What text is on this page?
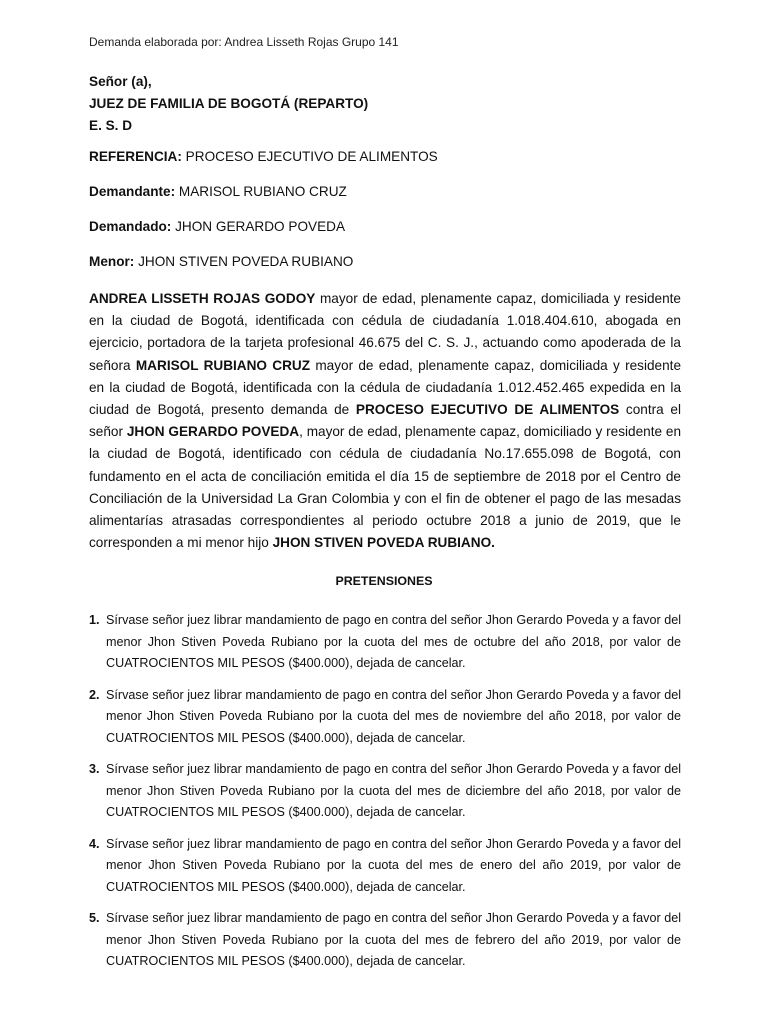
Demanda elaborada por: Andrea Lisseth Rojas Grupo 141
Señor (a),
JUEZ DE FAMILIA DE BOGOTÁ (REPARTO)
E. S. D
REFERENCIA: PROCESO EJECUTIVO DE ALIMENTOS
Demandante: MARISOL RUBIANO CRUZ
Demandado: JHON GERARDO POVEDA
Menor: JHON STIVEN POVEDA RUBIANO
ANDREA LISSETH ROJAS GODOY mayor de edad, plenamente capaz, domiciliada y residente en la ciudad de Bogotá, identificada con cédula de ciudadanía 1.018.404.610, abogada en ejercicio, portadora de la tarjeta profesional 46.675 del C. S. J., actuando como apoderada de la señora MARISOL RUBIANO CRUZ mayor de edad, plenamente capaz, domiciliada y residente en la ciudad de Bogotá, identificada con la cédula de ciudadanía 1.012.452.465 expedida en la ciudad de Bogotá, presento demanda de PROCESO EJECUTIVO DE ALIMENTOS contra el señor JHON GERARDO POVEDA, mayor de edad, plenamente capaz, domiciliado y residente en la ciudad de Bogotá, identificado con cédula de ciudadanía No.17.655.098 de Bogotá, con fundamento en el acta de conciliación emitida el día 15 de septiembre de 2018 por el Centro de Conciliación de la Universidad La Gran Colombia y con el fin de obtener el pago de las mesadas alimentarías atrasadas correspondientes al periodo octubre 2018 a junio de 2019, que le corresponden a mi menor hijo JHON STIVEN POVEDA RUBIANO.
PRETENSIONES
1. Sírvase señor juez librar mandamiento de pago en contra del señor Jhon Gerardo Poveda y a favor del menor Jhon Stiven Poveda Rubiano por la cuota del mes de octubre del año 2018, por valor de CUATROCIENTOS MIL PESOS ($400.000), dejada de cancelar.
2. Sírvase señor juez librar mandamiento de pago en contra del señor Jhon Gerardo Poveda y a favor del menor Jhon Stiven Poveda Rubiano por la cuota del mes de noviembre del año 2018, por valor de CUATROCIENTOS MIL PESOS ($400.000), dejada de cancelar.
3. Sírvase señor juez librar mandamiento de pago en contra del señor Jhon Gerardo Poveda y a favor del menor Jhon Stiven Poveda Rubiano por la cuota del mes de diciembre del año 2018, por valor de CUATROCIENTOS MIL PESOS ($400.000), dejada de cancelar.
4. Sírvase señor juez librar mandamiento de pago en contra del señor Jhon Gerardo Poveda y a favor del menor Jhon Stiven Poveda Rubiano por la cuota del mes de enero del año 2019, por valor de CUATROCIENTOS MIL PESOS ($400.000), dejada de cancelar.
5. Sírvase señor juez librar mandamiento de pago en contra del señor Jhon Gerardo Poveda y a favor del menor Jhon Stiven Poveda Rubiano por la cuota del mes de febrero del año 2019, por valor de CUATROCIENTOS MIL PESOS ($400.000), dejada de cancelar.
